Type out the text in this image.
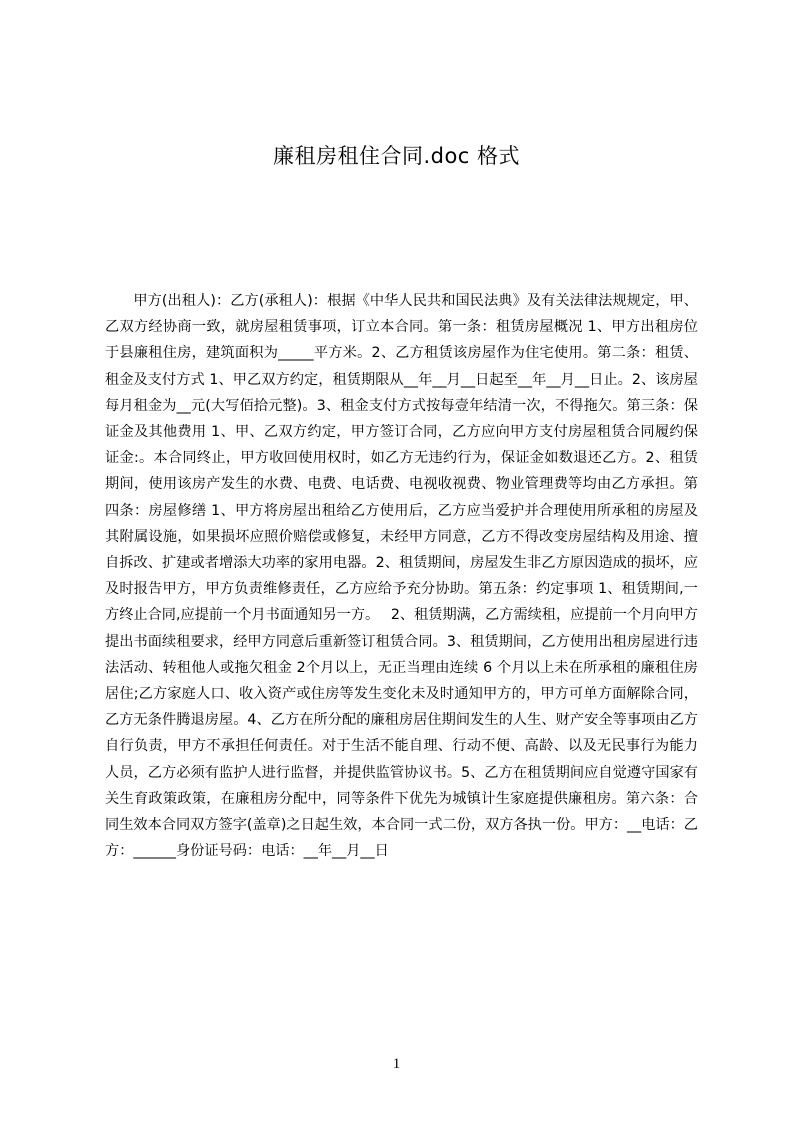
廉租房租住合同.doc 格式

甲方(出租人)：乙方(承租人)：根据《中华人民共和国民法典》及有关法律法规规定，甲、乙双方经协商一致，就房屋租赁事项，订立本合同。第一条：租赁房屋概况 1、甲方出租房位于县廉租住房，建筑面积为_____平方米。2、乙方租赁该房屋作为住宅使用。第二条：租赁、租金及支付方式 1、甲乙双方约定，租赁期限从__年__月__日起至__年__月__日止。2、该房屋每月租金为__元(大写佰拾元整)。3、租金支付方式按每壹年结清一次，不得拖欠。第三条：保证金及其他费用 1、甲、乙双方约定，甲方签订合同，乙方应向甲方支付房屋租赁合同履约保证金:。本合同终止，甲方收回使用权时，如乙方无违约行为，保证金如数退还乙方。2、租赁期间，使用该房产发生的水费、电费、电话费、电视收视费、物业管理费等均由乙方承担。第四条：房屋修缮 1、甲方将房屋出租给乙方使用后，乙方应当爱护并合理使用所承租的房屋及其附属设施，如果损坏应照价赔偿或修复，未经甲方同意，乙方不得改变房屋结构及用途、擅自拆改、扩建或者增添大功率的家用电器。2、租赁期间，房屋发生非乙方原因造成的损坏，应及时报告甲方，甲方负责维修责任，乙方应给予充分协助。第五条：约定事项 1、租赁期间,一方终止合同,应提前一个月书面通知另一方。　 2、租赁期满，乙方需续租，应提前一个月向甲方提出书面续租要求，经甲方同意后重新签订租赁合同。3、租赁期间，乙方使用出租房屋进行违法活动、转租他人或拖欠租金 2个月以上，无正当理由连续 6 个月以上未在所承租的廉租住房居住;乙方家庭人口、收入资产或住房等发生变化未及时通知甲方的，甲方可单方面解除合同，乙方无条件腾退房屋。4、乙方在所分配的廉租房居住期间发生的人生、财产安全等事项由乙方自行负责，甲方不承担任何责任。对于生活不能自理、行动不便、高龄、以及无民事行为能力人员，乙方必须有监护人进行监督，并提供监管协议书。5、乙方在租赁期间应自觉遵守国家有关生育政策政策，在廉租房分配中，同等条件下优先为城镇计生家庭提供廉租房。第六条：合同生效本合同双方签字(盖章)之日起生效，本合同一式二份，双方各执一份。甲方：__电话：乙方：______身份证号码：电话：__年__月__日

1
